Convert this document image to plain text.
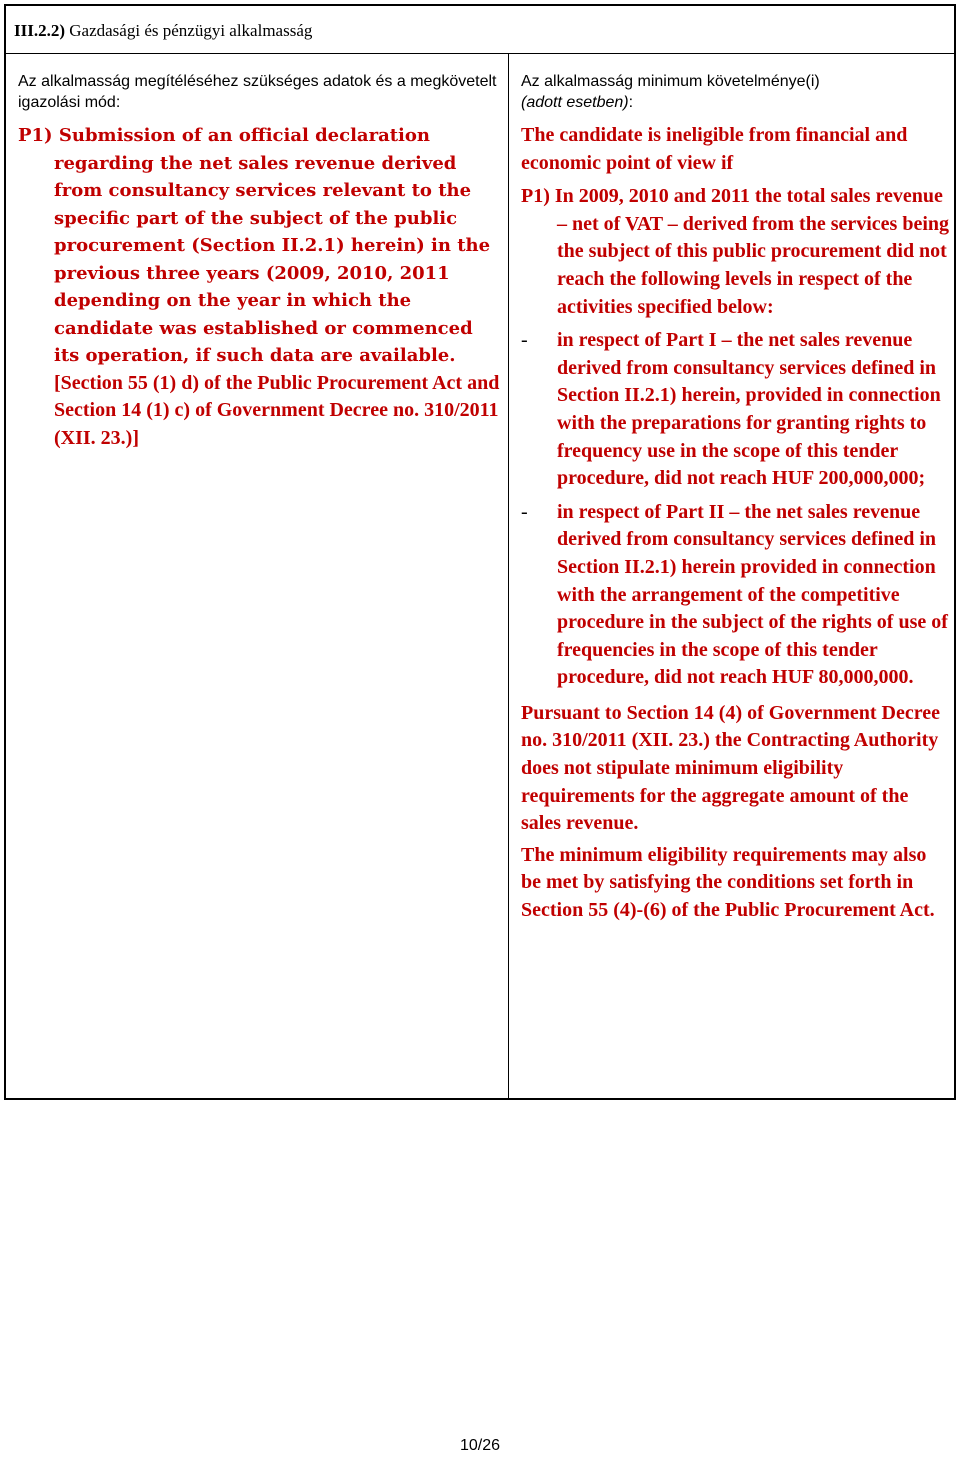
III.2.2) Gazdasági és pénzügyi alkalmasság
Az alkalmasság megítéléséhez szükséges adatok és a megkövetelt igazolási mód:

P1) Submission of an official declaration regarding the net sales revenue derived from consultancy services relevant to the specific part of the subject of the public procurement (Section II.2.1) herein) in the previous three years (2009, 2010, 2011 depending on the year in which the candidate was established or commenced its operation, if such data are available. [Section 55 (1) d) of the Public Procurement Act and Section 14 (1) c) of Government Decree no. 310/2011 (XII. 23.)]

Az alkalmasság minimum követelménye(i)
(adott esetben):

The candidate is ineligible from financial and economic point of view if

P1) In 2009, 2010 and 2011 the total sales revenue – net of VAT – derived from the services being the subject of this public procurement did not reach the following levels in respect of the activities specified below:

-	in respect of Part I – the net sales revenue derived from consultancy services defined in Section II.2.1) herein, provided in connection with the preparations for granting rights to frequency use in the scope of this tender procedure, did not reach HUF 200,000,000;

-	in respect of Part II – the net sales revenue derived from consultancy services defined in Section II.2.1) herein provided in connection with the arrangement of the competitive procedure in the subject of the rights of use of frequencies in the scope of this tender procedure, did not reach HUF 80,000,000.

Pursuant to Section 14 (4) of Government Decree no. 310/2011 (XII. 23.) the Contracting Authority does not stipulate minimum eligibility requirements for the aggregate amount of the sales revenue.

The minimum eligibility requirements may also be met by satisfying the conditions set forth in Section 55 (4)-(6) of the Public Procurement Act.

10/26
